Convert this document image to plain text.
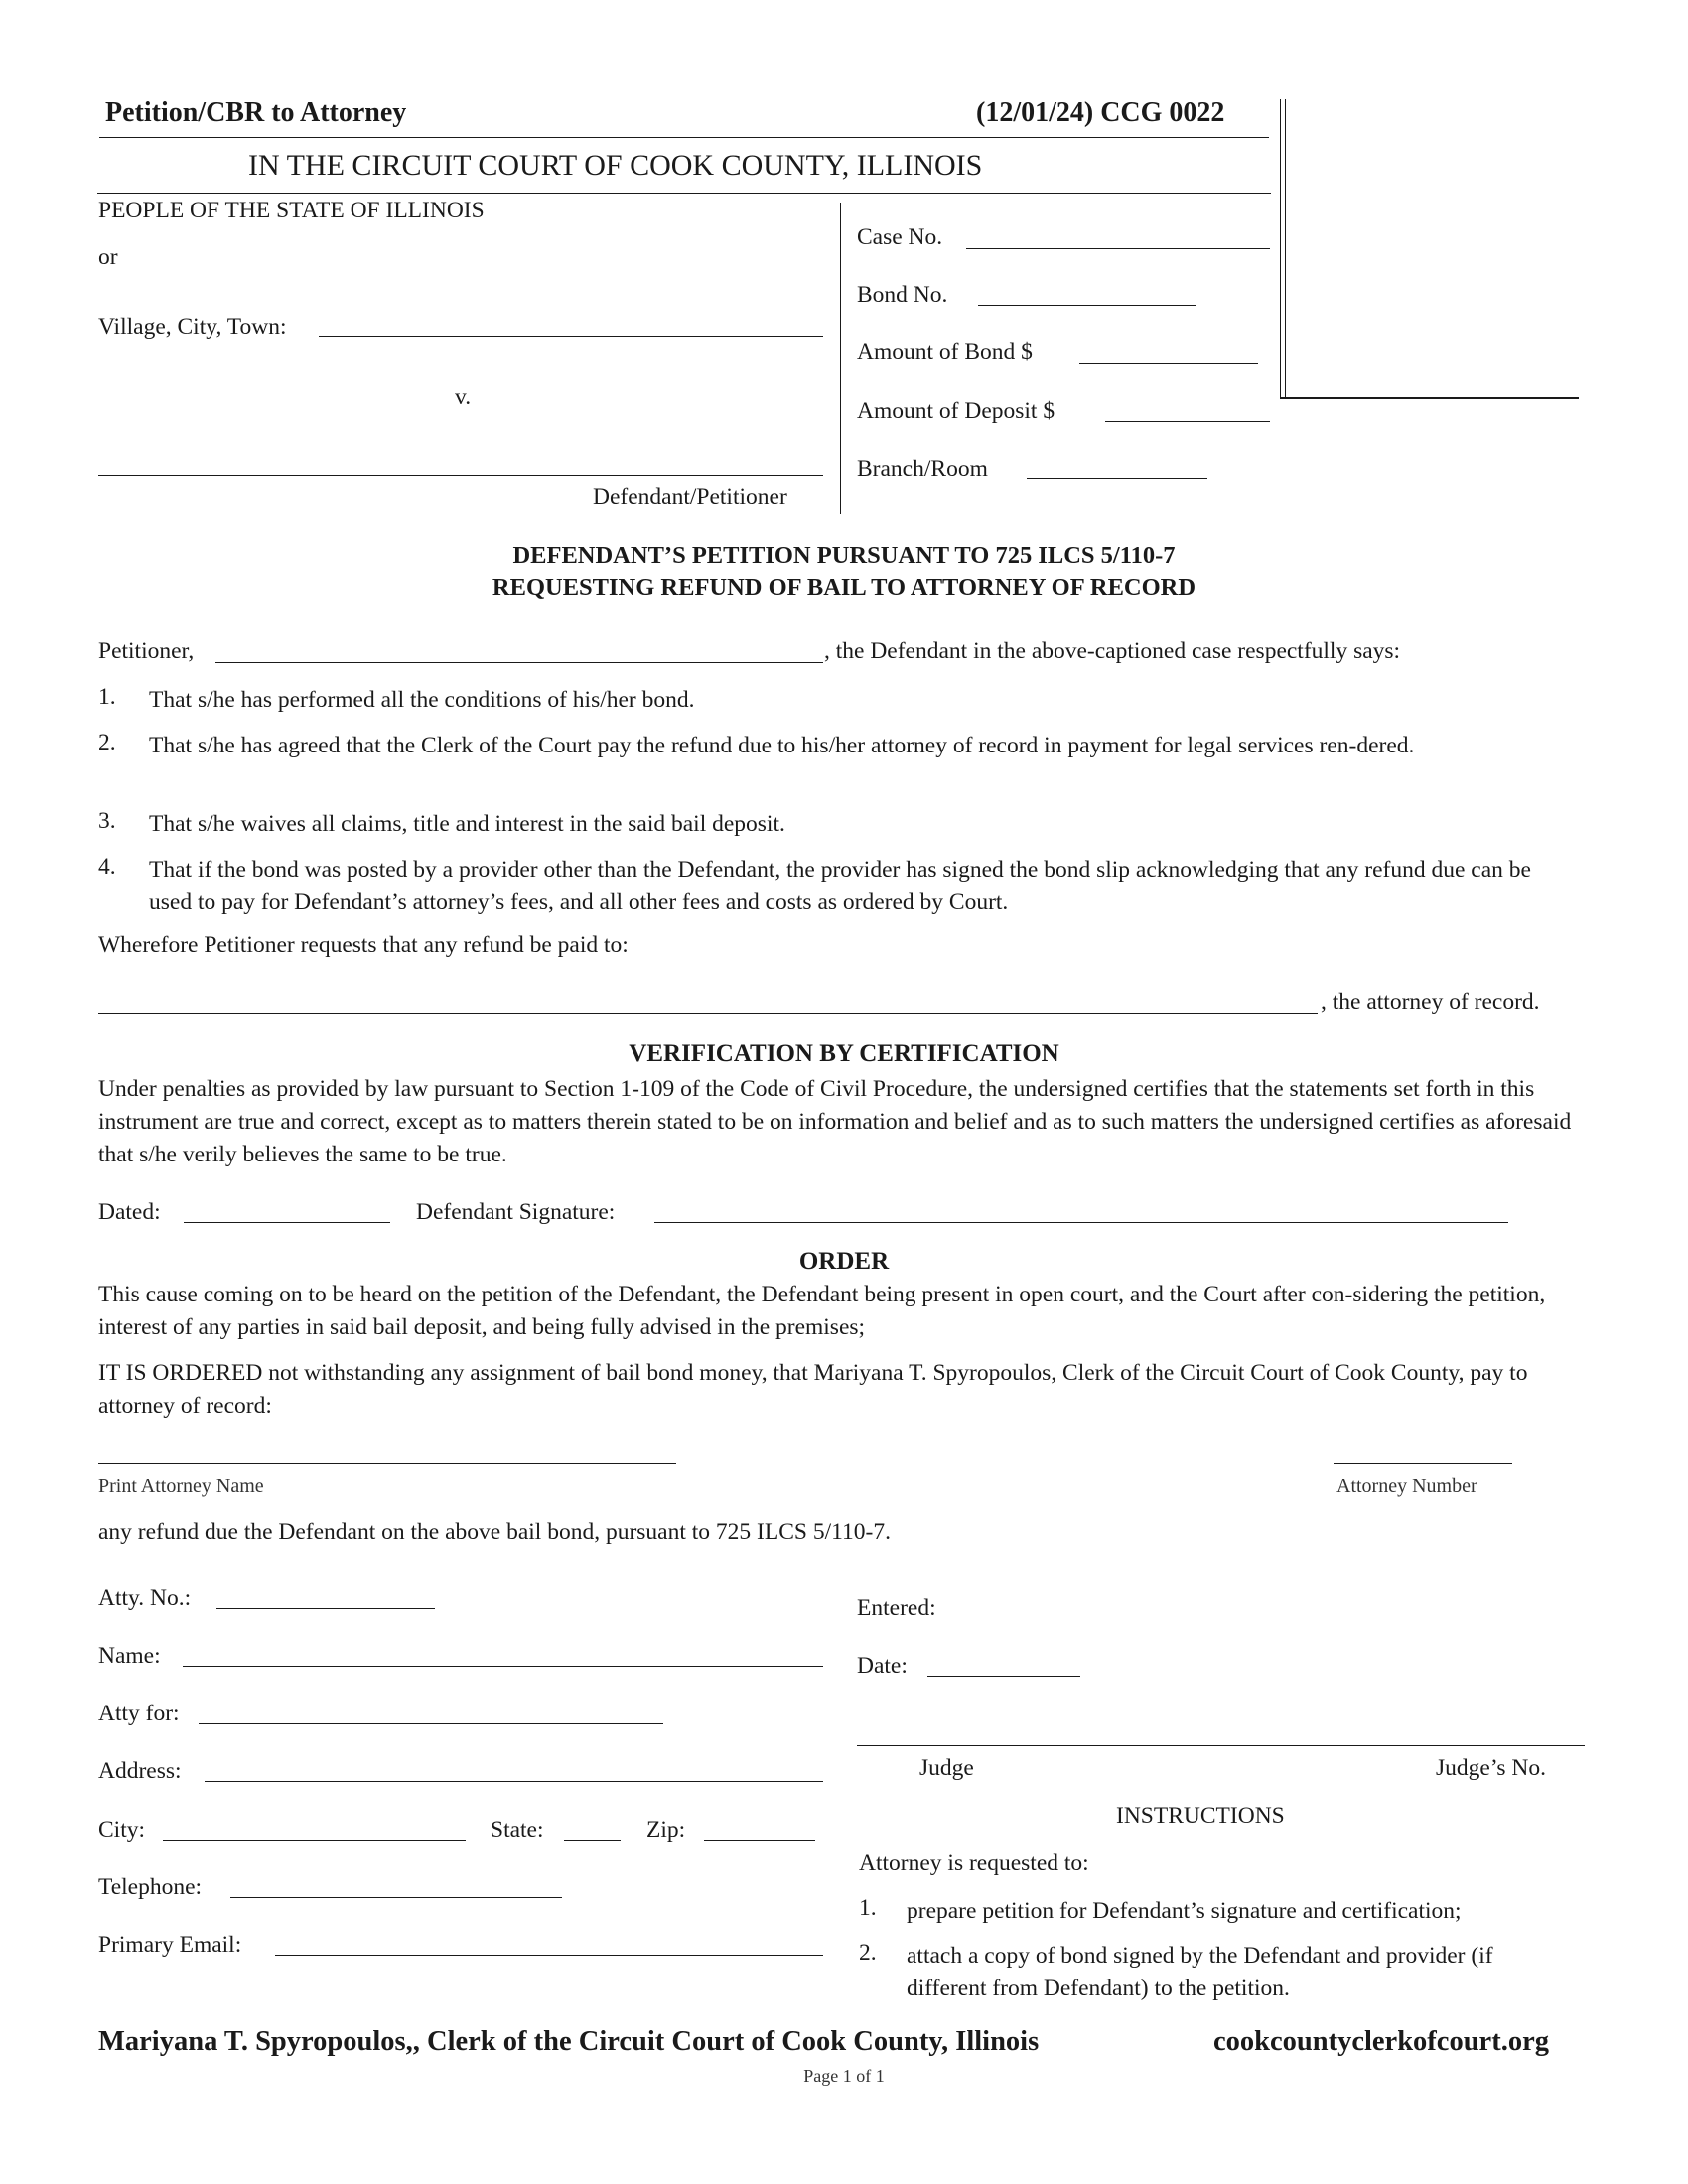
Petition/CBR to Attorney	(12/01/24) CCG 0022
IN THE CIRCUIT COURT OF COOK COUNTY, ILLINOIS
PEOPLE OF THE STATE OF ILLINOIS
or
Village, City, Town:
v.
Defendant/Petitioner
Case No.
Bond No.
Amount of Bond $
Amount of Deposit $
Branch/Room
DEFENDANT’S PETITION PURSUANT TO 725 ILCS 5/110-7
REQUESTING REFUND OF BAIL TO ATTORNEY OF RECORD
Petitioner,	, the Defendant in the above-captioned case respectfully says:
1. That s/he has performed all the conditions of his/her bond.
2. That s/he has agreed that the Clerk of the Court pay the refund due to his/her attorney of record in payment for legal services ren-dered.
3. That s/he waives all claims, title and interest in the said bail deposit.
4. That if the bond was posted by a provider other than the Defendant, the provider has signed the bond slip acknowledging that any refund due can be used to pay for Defendant’s attorney’s fees, and all other fees and costs as ordered by Court.
Wherefore Petitioner requests that any refund be paid to:
, the attorney of record.
VERIFICATION BY CERTIFICATION
Under penalties as provided by law pursuant to Section 1-109 of the Code of Civil Procedure, the undersigned certifies that the statements set forth in this instrument are true and correct, except as to matters therein stated to be on information and belief and as to such matters the undersigned certifies as aforesaid that s/he verily believes the same to be true.
Dated:	Defendant Signature:
ORDER
This cause coming on to be heard on the petition of the Defendant, the Defendant being present in open court, and the Court after con-sidering the petition, interest of any parties in said bail deposit, and being fully advised in the premises;
IT IS ORDERED not withstanding any assignment of bail bond money, that Mariyana T. Spyropoulos, Clerk of the Circuit Court of Cook County, pay to attorney of record:
Print Attorney Name	Attorney Number
any refund due the Defendant on the above bail bond, pursuant to 725 ILCS 5/110-7.
Atty. No.:
Name:
Atty for:
Address:
City:	State:	Zip:
Telephone:
Primary Email:
Entered:
Date:
Judge	Judge’s No.
INSTRUCTIONS
Attorney is requested to:
1. prepare petition for Defendant’s signature and certification;
2. attach a copy of bond signed by the Defendant and provider (if different from Defendant) to the petition.
Mariyana T. Spyropoulos,, Clerk of the Circuit Court of Cook County, Illinois	cookcountyclerkofcourt.org
Page 1 of 1
